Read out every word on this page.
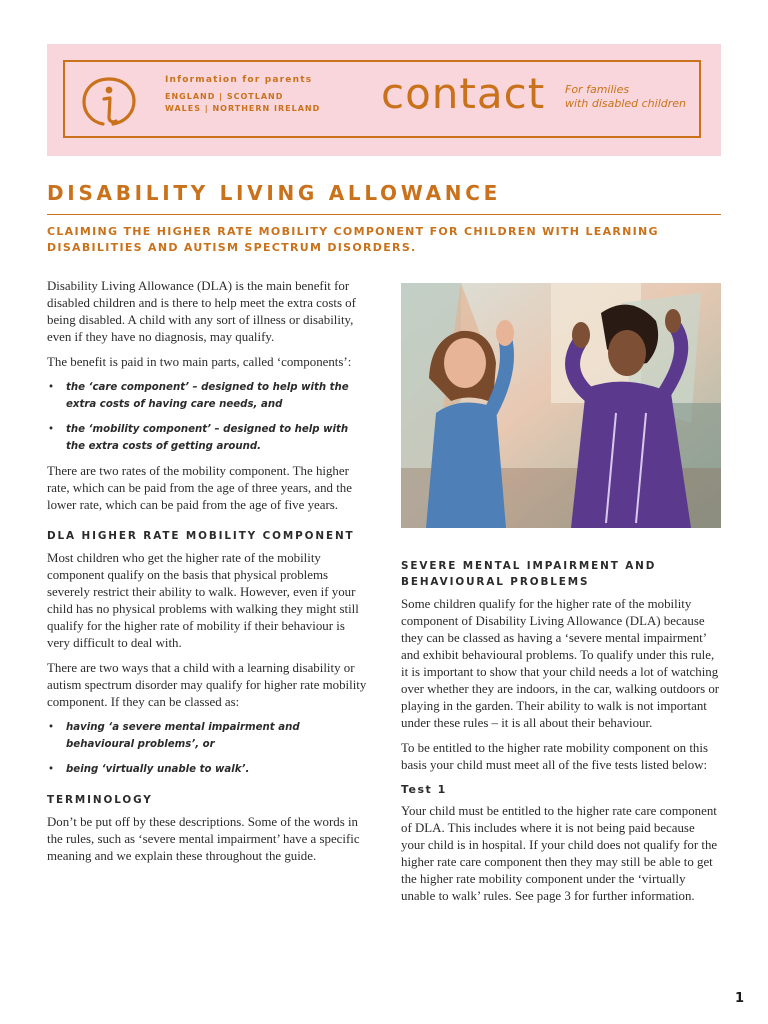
Information for parents
ENGLAND | SCOTLAND
WALES | NORTHERN IRELAND contact For families
with disabled children
DISABILITY LIVING ALLOWANCE
CLAIMING THE HIGHER RATE MOBILITY COMPONENT FOR CHILDREN WITH LEARNING DISABILITIES AND AUTISM SPECTRUM DISORDERS.

Disability Living Allowance (DLA) is the main benefit for disabled children and is there to help meet the extra costs of being disabled. A child with any sort of illness or disability, even if they have no diagnosis, may qualify.

The benefit is paid in two main parts, called ‘components’:

• the ‘care component’ – designed to help with the extra costs of having care needs, and
• the ‘mobility component’ – designed to help with the extra costs of getting around.

There are two rates of the mobility component. The higher rate, which can be paid from the age of three years, and the lower rate, which can be paid from the age of five years.

DLA HIGHER RATE MOBILITY COMPONENT

Most children who get the higher rate of the mobility component qualify on the basis that physical problems severely restrict their ability to walk. However, even if your child has no physical problems with walking they might still qualify for the higher rate of mobility if their behaviour is very difficult to deal with.

There are two ways that a child with a learning disability or autism spectrum disorder may qualify for higher rate mobility component. If they can be classed as:

• having ‘a severe mental impairment and behavioural problems’, or
• being ‘virtually unable to walk’.
TERMINOLOGY

Don’t be put off by these descriptions. Some of the words in the rules, such as ‘severe mental impairment’ have a specific meaning and we explain these throughout the guide.

SEVERE MENTAL IMPAIRMENT AND BEHAVIOURAL PROBLEMS

Some children qualify for the higher rate of the mobility component of Disability Living Allowance (DLA) because they can be classed as having a ‘severe mental impairment’ and exhibit behavioural problems. To qualify under this rule, it is important to show that your child needs a lot of watching over whether they are indoors, in the car, walking outdoors or playing in the garden. Their ability to walk is not important under these rules – it is all about their behaviour.

To be entitled to the higher rate mobility component on this basis your child must meet all of the five tests listed below:

Test 1

Your child must be entitled to the higher rate care component of DLA. This includes where it is not being paid because your child is in hospital. If your child does not qualify for the higher rate care component then they may still be able to get the higher rate mobility component under the ‘virtually unable to walk’ rules. See page 3 for further information.

1
